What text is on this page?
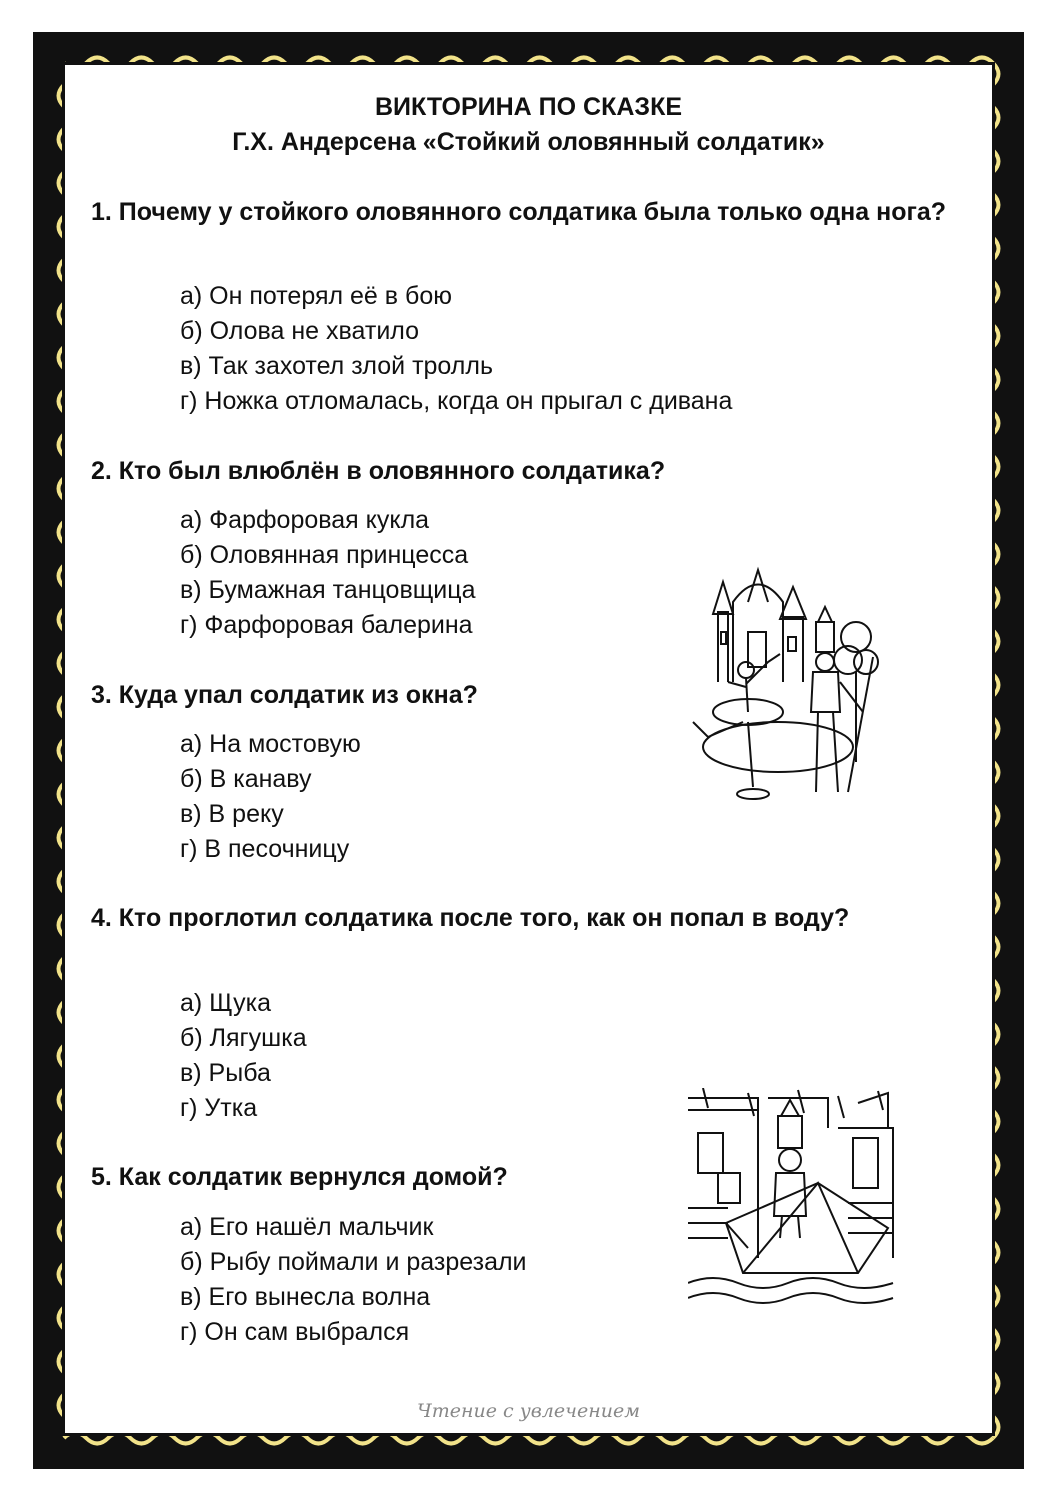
ВИКТОРИНА ПО СКАЗКЕ
Г.Х. Андерсена «Стойкий оловянный солдатик»
1. Почему у стойкого оловянного солдатика была только одна нога?
а) Он потерял её в бою
б) Олова не хватило
в) Так захотел злой тролль
г) Ножка отломалась, когда он прыгал с дивана
2. Кто был влюблён в оловянного солдатика?
а) Фарфоровая кукла
б) Оловянная принцесса
в) Бумажная танцовщица
г) Фарфоровая балерина
3. Куда упал солдатик из окна?
а) На мостовую
б) В канаву
в) В реку
г) В песочницу
4. Кто проглотил солдатика после того, как он попал в воду?
а) Щука
б) Лягушка
в) Рыба
г) Утка
5. Как солдатик вернулся домой?
а) Его нашёл мальчик
б) Рыбу поймали и разрезали
в) Его вынесла волна
г) Он сам выбрался
Чтение с увлечением
